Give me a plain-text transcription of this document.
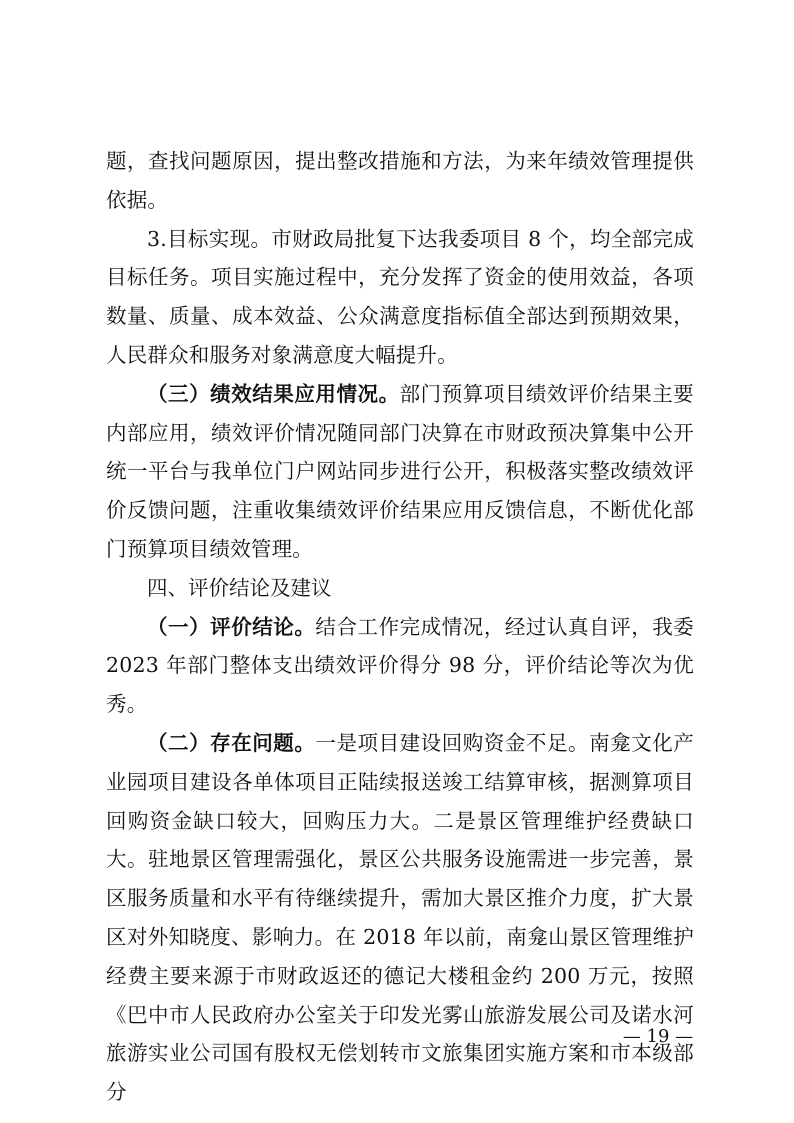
题，查找问题原因，提出整改措施和方法，为来年绩效管理提供依据。

3.目标实现。市财政局批复下达我委项目 8 个，均全部完成目标任务。项目实施过程中，充分发挥了资金的使用效益，各项数量、质量、成本效益、公众满意度指标值全部达到预期效果，人民群众和服务对象满意度大幅提升。

（三）绩效结果应用情况。部门预算项目绩效评价结果主要内部应用，绩效评价情况随同部门决算在市财政预决算集中公开统一平台与我单位门户网站同步进行公开，积极落实整改绩效评价反馈问题，注重收集绩效评价结果应用反馈信息，不断优化部门预算项目绩效管理。

四、评价结论及建议

（一）评价结论。结合工作完成情况，经过认真自评，我委2023 年部门整体支出绩效评价得分 98 分，评价结论等次为优秀。

（二）存在问题。一是项目建设回购资金不足。南龛文化产业园项目建设各单体项目正陆续报送竣工结算审核，据测算项目回购资金缺口较大，回购压力大。二是景区管理维护经费缺口大。驻地景区管理需强化，景区公共服务设施需进一步完善，景区服务质量和水平有待继续提升，需加大景区推介力度，扩大景区对外知晓度、影响力。在 2018 年以前，南龛山景区管理维护经费主要来源于市财政返还的德记大楼租金约 200 万元，按照《巴中市人民政府办公室关于印发光雾山旅游发展公司及诺水河旅游实业公司国有股权无偿划转市文旅集团实施方案和市本级部分

— 19 —
